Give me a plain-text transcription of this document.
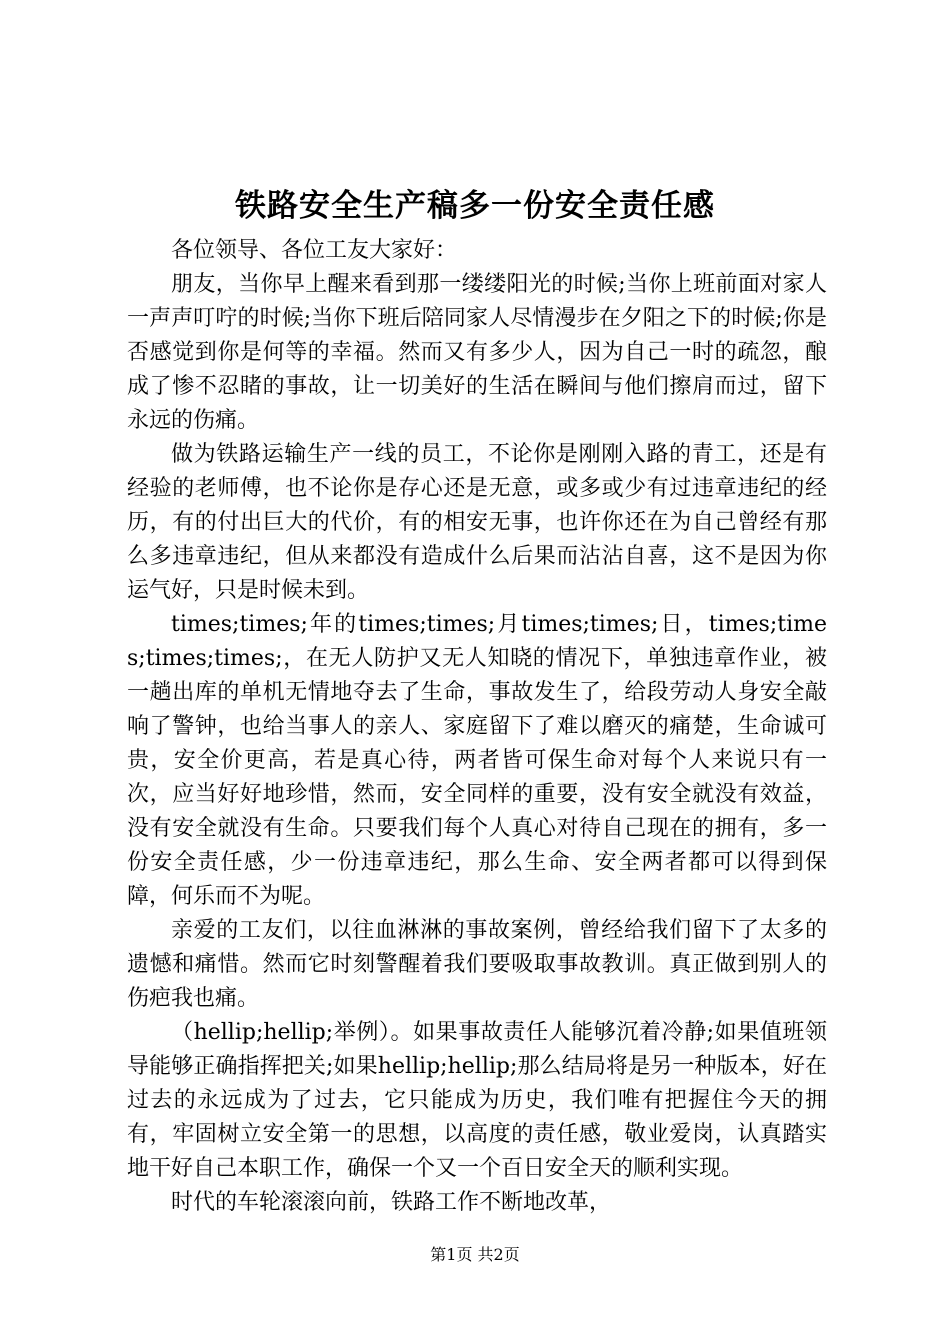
铁路安全生产稿多一份安全责任感

各位领导、各位工友大家好：

朋友，当你早上醒来看到那一缕缕阳光的时候;当你上班前面对家人一声声叮咛的时候;当你下班后陪同家人尽情漫步在夕阳之下的时候;你是否感觉到你是何等的幸福。然而又有多少人，因为自己一时的疏忽，酿成了惨不忍睹的事故，让一切美好的生活在瞬间与他们擦肩而过，留下永远的伤痛。

做为铁路运输生产一线的员工，不论你是刚刚入路的青工，还是有经验的老师傅，也不论你是存心还是无意，或多或少有过违章违纪的经历，有的付出巨大的代价，有的相安无事，也许你还在为自己曾经有那么多违章违纪，但从来都没有造成什么后果而沾沾自喜，这不是因为你运气好，只是时候未到。

times;times;年的times;times;月times;times;日，times;times;times;times;，在无人防护又无人知晓的情况下，单独违章作业，被一趟出库的单机无情地夺去了生命，事故发生了，给段劳动人身安全敲响了警钟，也给当事人的亲人、家庭留下了难以磨灭的痛楚，生命诚可贵，安全价更高，若是真心待，两者皆可保生命对每个人来说只有一次，应当好好地珍惜，然而，安全同样的重要，没有安全就没有效益，没有安全就没有生命。只要我们每个人真心对待自己现在的拥有，多一份安全责任感，少一份违章违纪，那么生命、安全两者都可以得到保障，何乐而不为呢。

亲爱的工友们，以往血淋淋的事故案例，曾经给我们留下了太多的遗憾和痛惜。然而它时刻警醒着我们要吸取事故教训。真正做到别人的伤疤我也痛。

（hellip;hellip;举例）。如果事故责任人能够沉着冷静;如果值班领导能够正确指挥把关;如果hellip;hellip;那么结局将是另一种版本，好在过去的永远成为了过去，它只能成为历史，我们唯有把握住今天的拥有，牢固树立安全第一的思想，以高度的责任感，敬业爱岗，认真踏实地干好自己本职工作，确保一个又一个百日安全天的顺利实现。

时代的车轮滚滚向前，铁路工作不断地改革，

第1页 共2页
